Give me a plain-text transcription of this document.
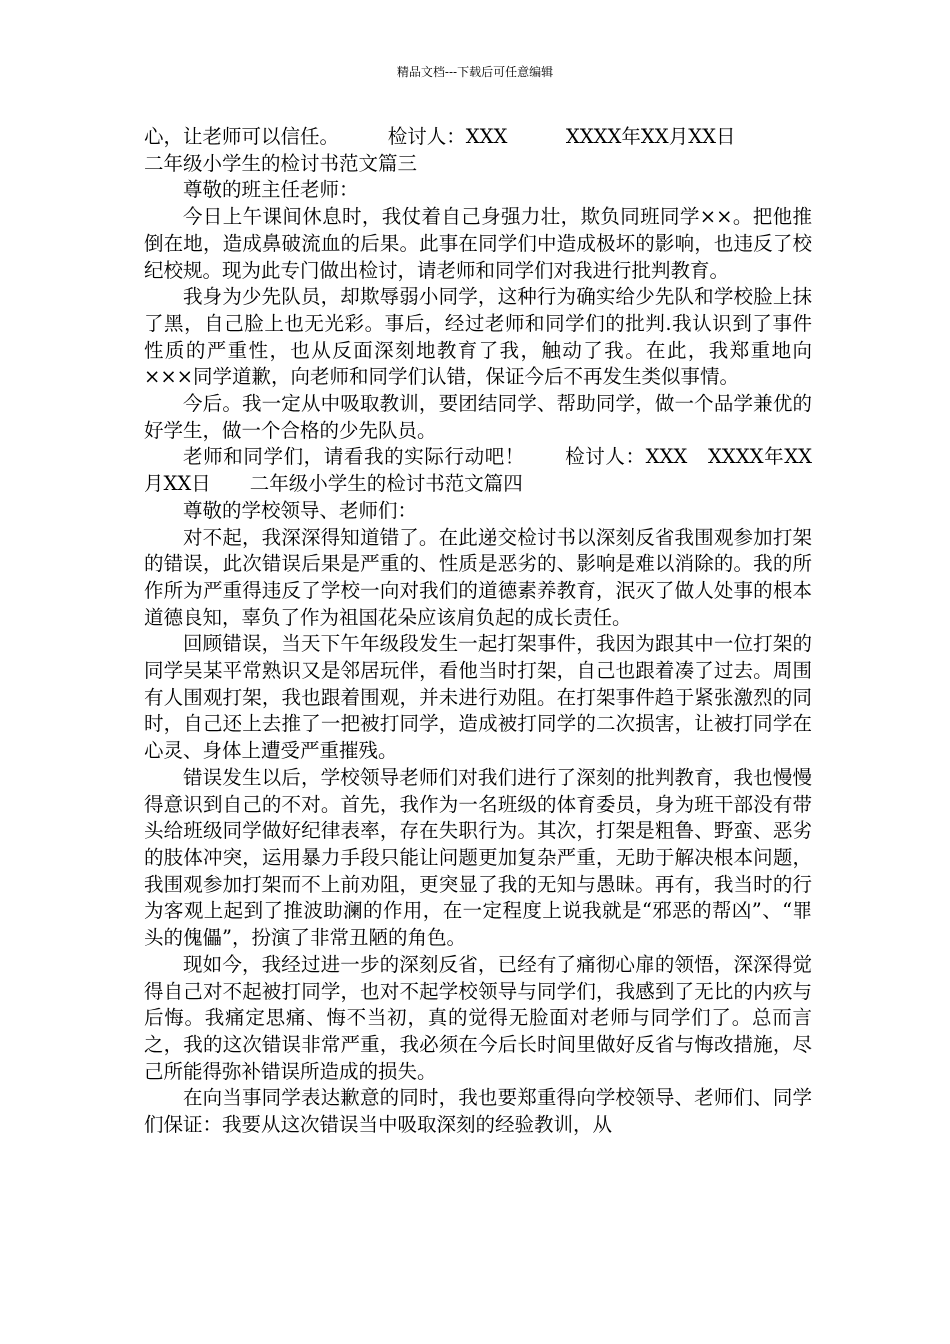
精品文档---下载后可任意编辑

心，让老师可以信任。　　　检讨人：XXX　　　XXXX年XX月XX日

二年级小学生的检讨书范文篇三

尊敬的班主任老师：

今日上午课间休息时，我仗着自己身强力壮，欺负同班同学××。把他推倒在地，造成鼻破流血的后果。此事在同学们中造成极坏的影响，也违反了校纪校规。现为此专门做出检讨，请老师和同学们对我进行批判教育。

我身为少先队员，却欺辱弱小同学，这种行为确实给少先队和学校脸上抹了黑，自己脸上也无光彩。事后，经过老师和同学们的批判.我认识到了事件性质的严重性，也从反面深刻地教育了我，触动了我。在此，我郑重地向×××同学道歉，向老师和同学们认错，保证今后不再发生类似事情。

今后。我一定从中吸取教训，要团结同学、帮助同学，做一个品学兼优的好学生，做一个合格的少先队员。

老师和同学们，请看我的实际行动吧！　　检讨人：XXX　XXXX年XX月XX日　　二年级小学生的检讨书范文篇四

尊敬的学校领导、老师们：

对不起，我深深得知道错了。在此递交检讨书以深刻反省我围观参加打架的错误，此次错误后果是严重的、性质是恶劣的、影响是难以消除的。我的所作所为严重得违反了学校一向对我们的道德素养教育，泯灭了做人处事的根本道德良知，辜负了作为祖国花朵应该肩负起的成长责任。

回顾错误，当天下午年级段发生一起打架事件，我因为跟其中一位打架的同学吴某平常熟识又是邻居玩伴，看他当时打架，自己也跟着凑了过去。周围有人围观打架，我也跟着围观，并未进行劝阻。在打架事件趋于紧张激烈的同时，自己还上去推了一把被打同学，造成被打同学的二次损害，让被打同学在心灵、身体上遭受严重摧残。

错误发生以后，学校领导老师们对我们进行了深刻的批判教育，我也慢慢得意识到自己的不对。首先，我作为一名班级的体育委员，身为班干部没有带头给班级同学做好纪律表率，存在失职行为。其次，打架是粗鲁、野蛮、恶劣的肢体冲突，运用暴力手段只能让问题更加复杂严重，无助于解决根本问题，我围观参加打架而不上前劝阻，更突显了我的无知与愚昧。再有，我当时的行为客观上起到了推波助澜的作用，在一定程度上说我就是“邪恶的帮凶”、“罪头的傀儡”，扮演了非常丑陋的角色。

现如今，我经过进一步的深刻反省，已经有了痛彻心扉的领悟，深深得觉得自己对不起被打同学，也对不起学校领导与同学们，我感到了无比的内疚与后悔。我痛定思痛、悔不当初，真的觉得无脸面对老师与同学们了。总而言之，我的这次错误非常严重，我必须在今后长时间里做好反省与悔改措施，尽己所能得弥补错误所造成的损失。

在向当事同学表达歉意的同时，我也要郑重得向学校领导、老师们、同学们保证：我要从这次错误当中吸取深刻的经验教训，从
